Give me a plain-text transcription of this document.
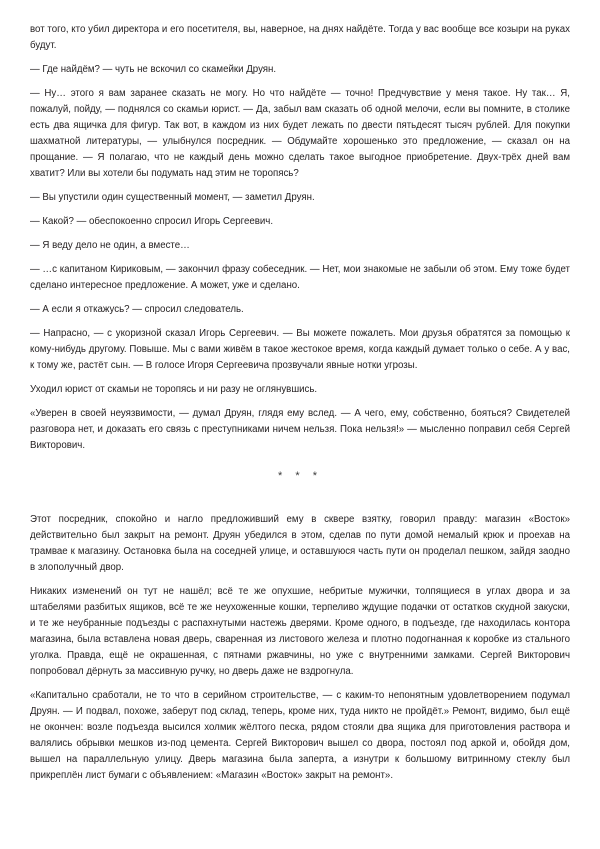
вот того, кто убил директора и его посетителя, вы, наверное, на днях найдёте. Тогда у вас вообще все козыри на руках будут.

— Где найдём? — чуть не вскочил со скамейки Друян.

— Ну… этого я вам заранее сказать не могу. Но что найдёте — точно! Предчувствие у меня такое. Ну так… Я, пожалуй, пойду, — поднялся со скамьи юрист. — Да, забыл вам сказать об одной мелочи, если вы помните, в столике есть два ящичка для фигур. Так вот, в каждом из них будет лежать по двести пятьдесят тысяч рублей. Для покупки шахматной литературы, — улыбнулся посредник. — Обдумайте хорошенько это предложение, — сказал он на прощание. — Я полагаю, что не каждый день можно сделать такое выгодное приобретение. Двух-трёх дней вам хватит? Или вы хотели бы подумать над этим не торопясь?

— Вы упустили один существенный момент, — заметил Друян.

— Какой? — обеспокоенно спросил Игорь Сергеевич.

— Я веду дело не один, а вместе…

— …с капитаном Кириковым, — закончил фразу собеседник. — Нет, мои знакомые не забыли об этом. Ему тоже будет сделано интересное предложение. А может, уже и сделано.

— А если я откажусь? — спросил следователь.

— Напрасно, — с укоризной сказал Игорь Сергеевич. — Вы можете пожалеть. Мои друзья обратятся за помощью к кому-нибудь другому. Повыше. Мы с вами живём в такое жестокое время, когда каждый думает только о себе. А у вас, к тому же, растёт сын. — В голосе Игоря Сергеевича прозвучали явные нотки угрозы.

Уходил юрист от скамьи не торопясь и ни разу не оглянувшись.

«Уверен в своей неуязвимости, — думал Друян, глядя ему вслед. — А чего, ему, собственно, бояться? Свидетелей разговора нет, и доказать его связь с преступниками ничем нельзя. Пока нельзя!» — мысленно поправил себя Сергей Викторович.

* * *

Этот посредник, спокойно и нагло предложивший ему в сквере взятку, говорил правду: магазин «Восток» действительно был закрыт на ремонт. Друян убедился в этом, сделав по пути домой немалый крюк и проехав на трамвае к магазину. Остановка была на соседней улице, и оставшуюся часть пути он проделал пешком, зайдя заодно в злополучный двор.

Никаких изменений он тут не нашёл; всё те же опухшие, небритые мужички, толпящиеся в углах двора и за штабелями разбитых ящиков, всё те же неухоженные кошки, терпеливо ждущие подачки от остатков скудной закуски, и те же неубранные подъезды с распахнутыми настежь дверями. Кроме одного, в подъезде, где находилась контора магазина, была вставлена новая дверь, сваренная из листового железа и плотно подогнанная к коробке из стального уголка. Правда, ещё не окрашенная, с пятнами ржавчины, но уже с внутренними замками. Сергей Викторович попробовал дёрнуть за массивную ручку, но дверь даже не вздрогнула.

«Капитально сработали, не то что в серийном строительстве, — с каким-то непонятным удовлетворением подумал Друян. — И подвал, похоже, заберут под склад, теперь, кроме них, туда никто не пройдёт.» Ремонт, видимо, был ещё не окончен: возле подъезда высился холмик жёлтого песка, рядом стояли два ящика для приготовления раствора и валялись обрывки мешков из-под цемента. Сергей Викторович вышел со двора, постоял под аркой и, обойдя дом, вышел на параллельную улицу. Дверь магазина была заперта, а изнутри к большому витринному стеклу был прикреплён лист бумаги с объявлением: «Магазин «Восток» закрыт на ремонт».
